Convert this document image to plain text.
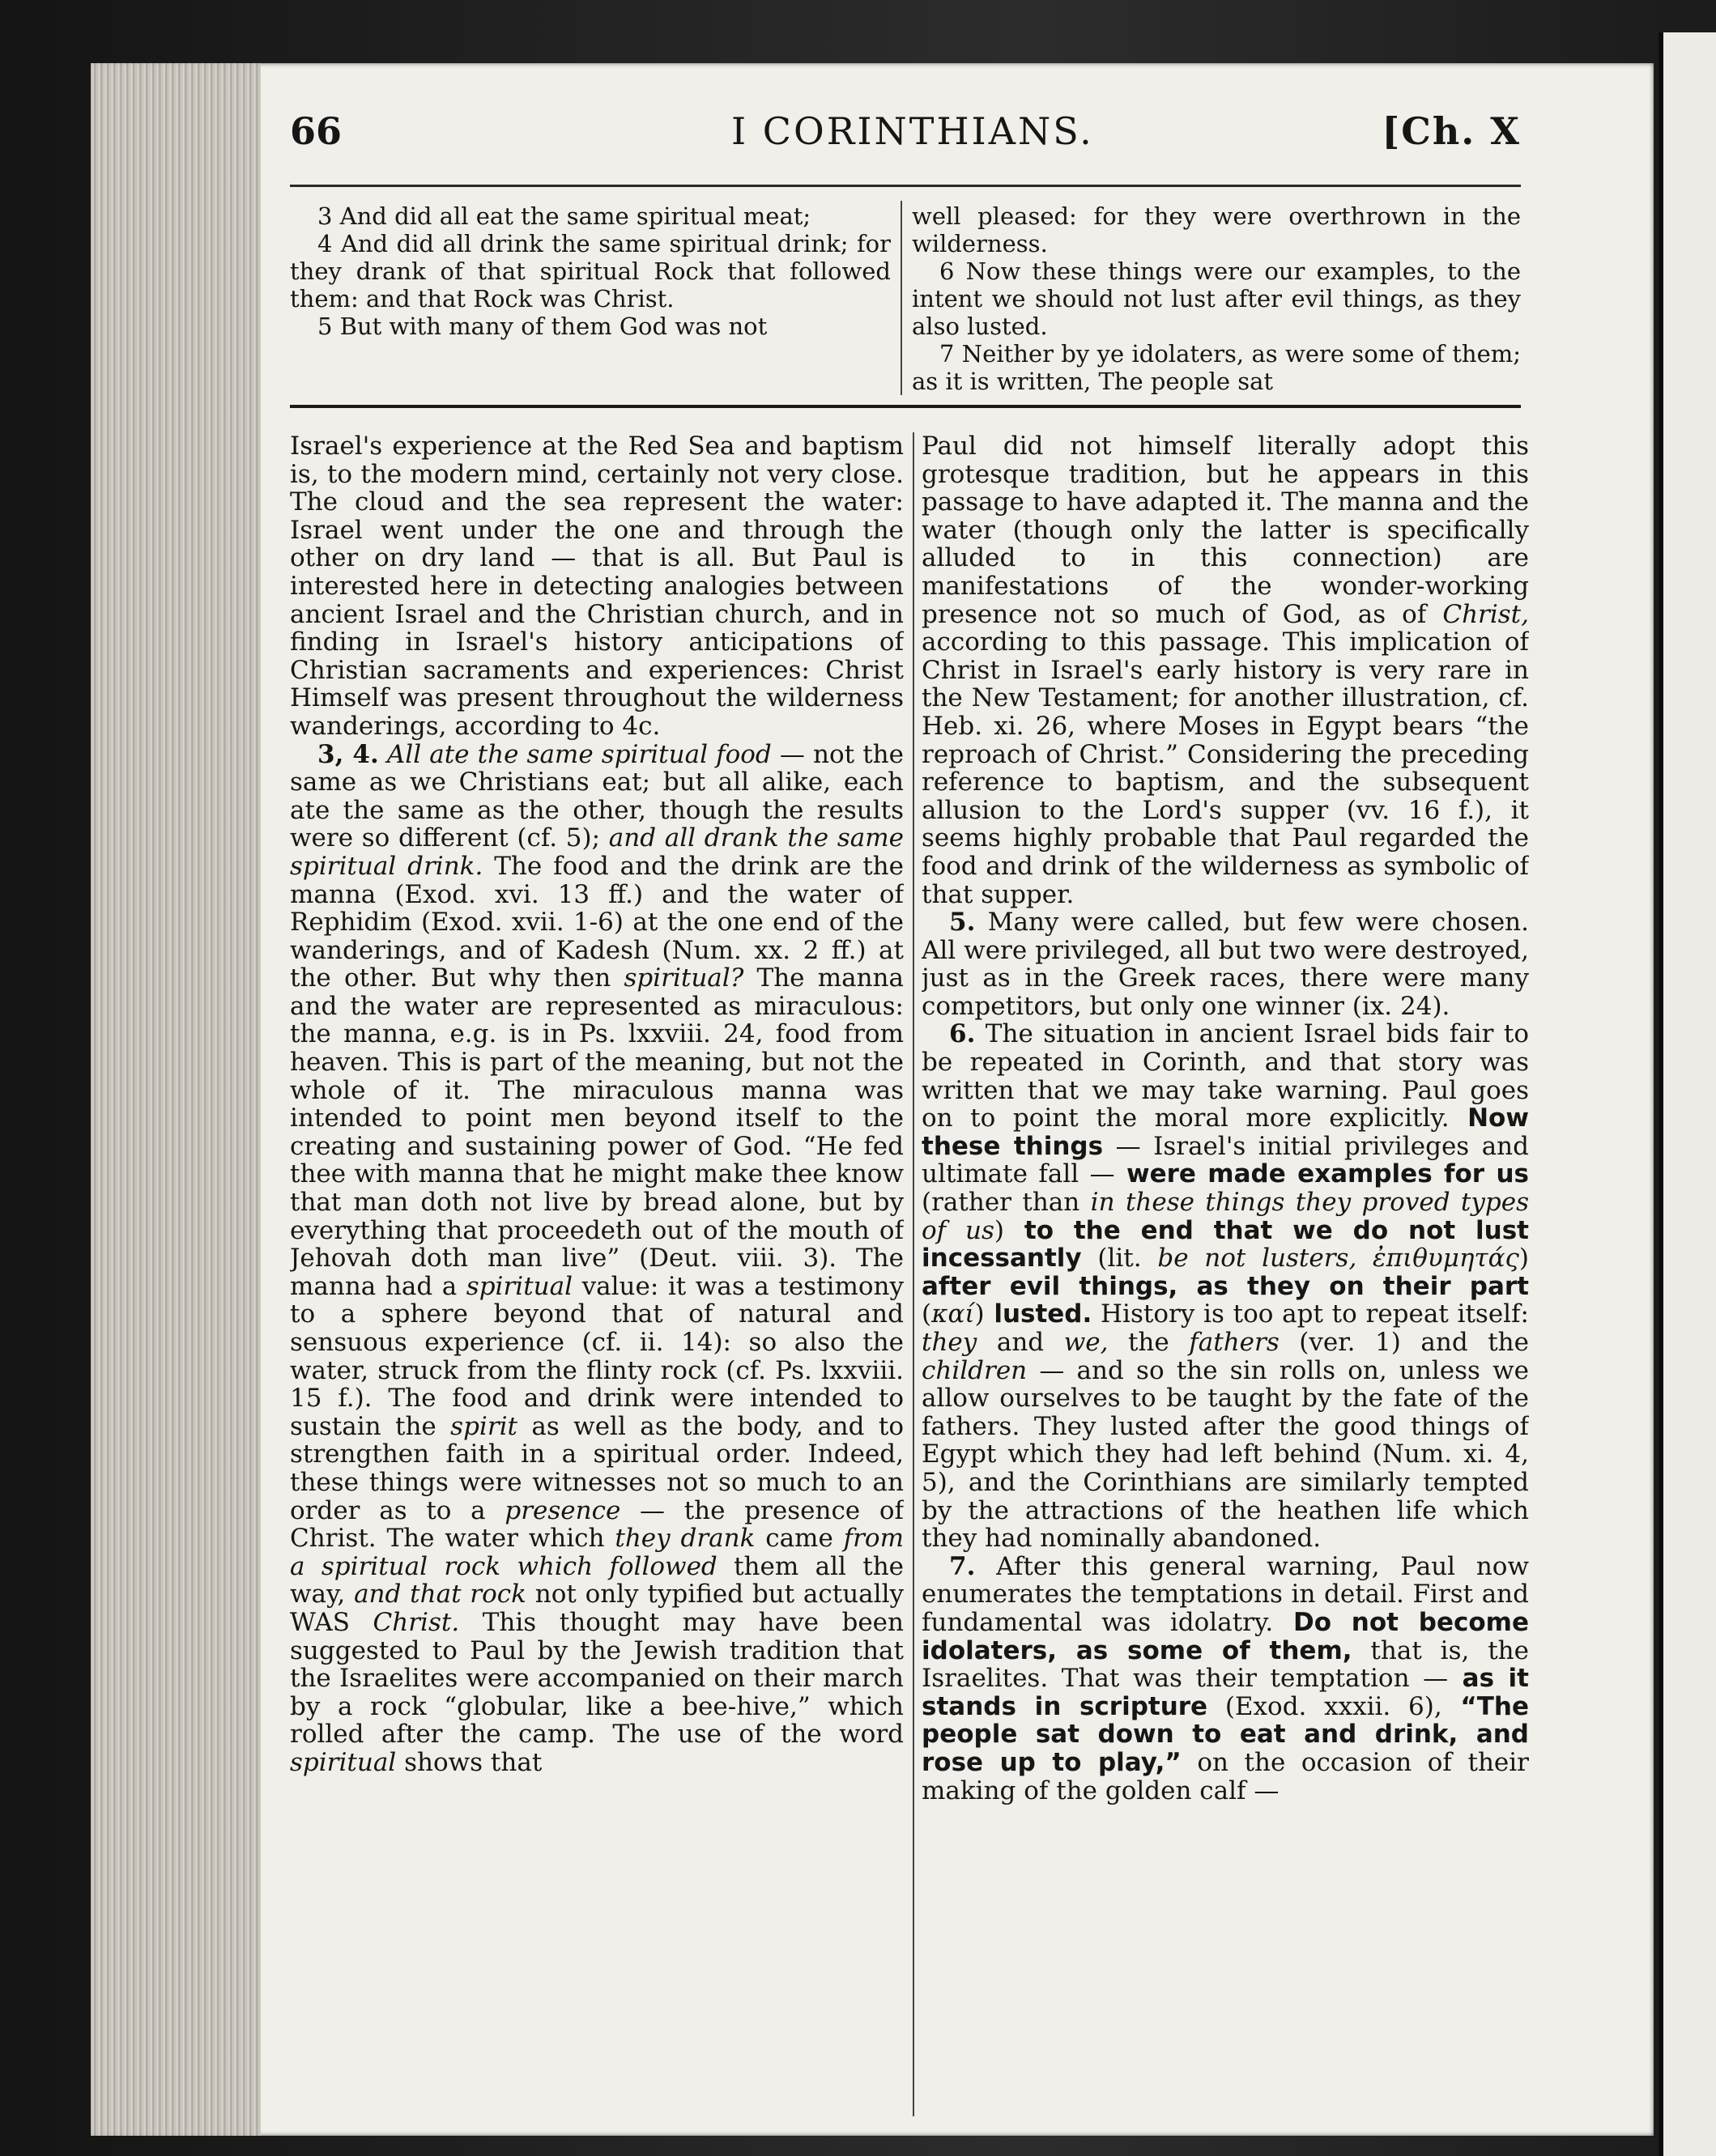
66	I CORINTHIANS.	[Ch. X

3 And did all eat the same spiritual meat;

4 And did all drink the same spiritual drink; for they drank of that spiritual Rock that followed them: and that Rock was Christ.

5 But with many of them God was not

well pleased: for they were overthrown in the wilderness.

6 Now these things were our examples, to the intent we should not lust after evil things, as they also lusted.

7 Neither by ye idolaters, as were some of them; as it is written, The people sat

Israel's experience at the Red Sea and baptism is, to the modern mind, certainly not very close. The cloud and the sea represent the water: Israel went under the one and through the other on dry land — that is all. But Paul is interested here in detecting analogies between ancient Israel and the Christian church, and in finding in Israel's history anticipations of Christian sacraments and experiences: Christ Himself was present throughout the wilderness wanderings, according to 4c.

3, 4. All ate the same spiritual food — not the same as we Christians eat; but all alike, each ate the same as the other, though the results were so different (cf. 5); and all drank the same spiritual drink. The food and the drink are the manna (Exod. xvi. 13 ff.) and the water of Rephidim (Exod. xvii. 1-6) at the one end of the wanderings, and of Kadesh (Num. xx. 2 ff.) at the other. But why then spiritual? The manna and the water are represented as miraculous: the manna, e.g. is in Ps. lxxviii. 24, food from heaven. This is part of the meaning, but not the whole of it. The miraculous manna was intended to point men beyond itself to the creating and sustaining power of God. “He fed thee with manna that he might make thee know that man doth not live by bread alone, but by everything that proceedeth out of the mouth of Jehovah doth man live” (Deut. viii. 3). The manna had a spiritual value: it was a testimony to a sphere beyond that of natural and sensuous experience (cf. ii. 14): so also the water, struck from the flinty rock (cf. Ps. lxxviii. 15 f.). The food and drink were intended to sustain the spirit as well as the body, and to strengthen faith in a spiritual order. Indeed, these things were witnesses not so much to an order as to a presence — the presence of Christ. The water which they drank came from a spiritual rock which followed them all the way, and that rock not only typified but actually WAS Christ. This thought may have been suggested to Paul by the Jewish tradition that the Israelites were accompanied on their march by a rock “globular, like a bee-hive,” which rolled after the camp. The use of the word spiritual shows that

Paul did not himself literally adopt this grotesque tradition, but he appears in this passage to have adapted it. The manna and the water (though only the latter is specifically alluded to in this connection) are manifestations of the wonder-working presence not so much of God, as of Christ, according to this passage. This implication of Christ in Israel's early history is very rare in the New Testament; for another illustration, cf. Heb. xi. 26, where Moses in Egypt bears “the reproach of Christ.” Considering the preceding reference to baptism, and the subsequent allusion to the Lord's supper (vv. 16 f.), it seems highly probable that Paul regarded the food and drink of the wilderness as symbolic of that supper.

5. Many were called, but few were chosen. All were privileged, all but two were destroyed, just as in the Greek races, there were many competitors, but only one winner (ix. 24).

6. The situation in ancient Israel bids fair to be repeated in Corinth, and that story was written that we may take warning. Paul goes on to point the moral more explicitly. Now these things — Israel's initial privileges and ultimate fall — were made examples for us (rather than in these things they proved types of us) to the end that we do not lust incessantly (lit. be not lusters, ἐπιθυμητάς) after evil things, as they on their part (καί) lusted. History is too apt to repeat itself: they and we, the fathers (ver. 1) and the children — and so the sin rolls on, unless we allow ourselves to be taught by the fate of the fathers. They lusted after the good things of Egypt which they had left behind (Num. xi. 4, 5), and the Corinthians are similarly tempted by the attractions of the heathen life which they had nominally abandoned.

7. After this general warning, Paul now enumerates the temptations in detail. First and fundamental was idolatry. Do not become idolaters, as some of them, that is, the Israelites. That was their temptation — as it stands in scripture (Exod. xxxii. 6), “The people sat down to eat and drink, and rose up to play,” on the occasion of their making of the golden calf —
